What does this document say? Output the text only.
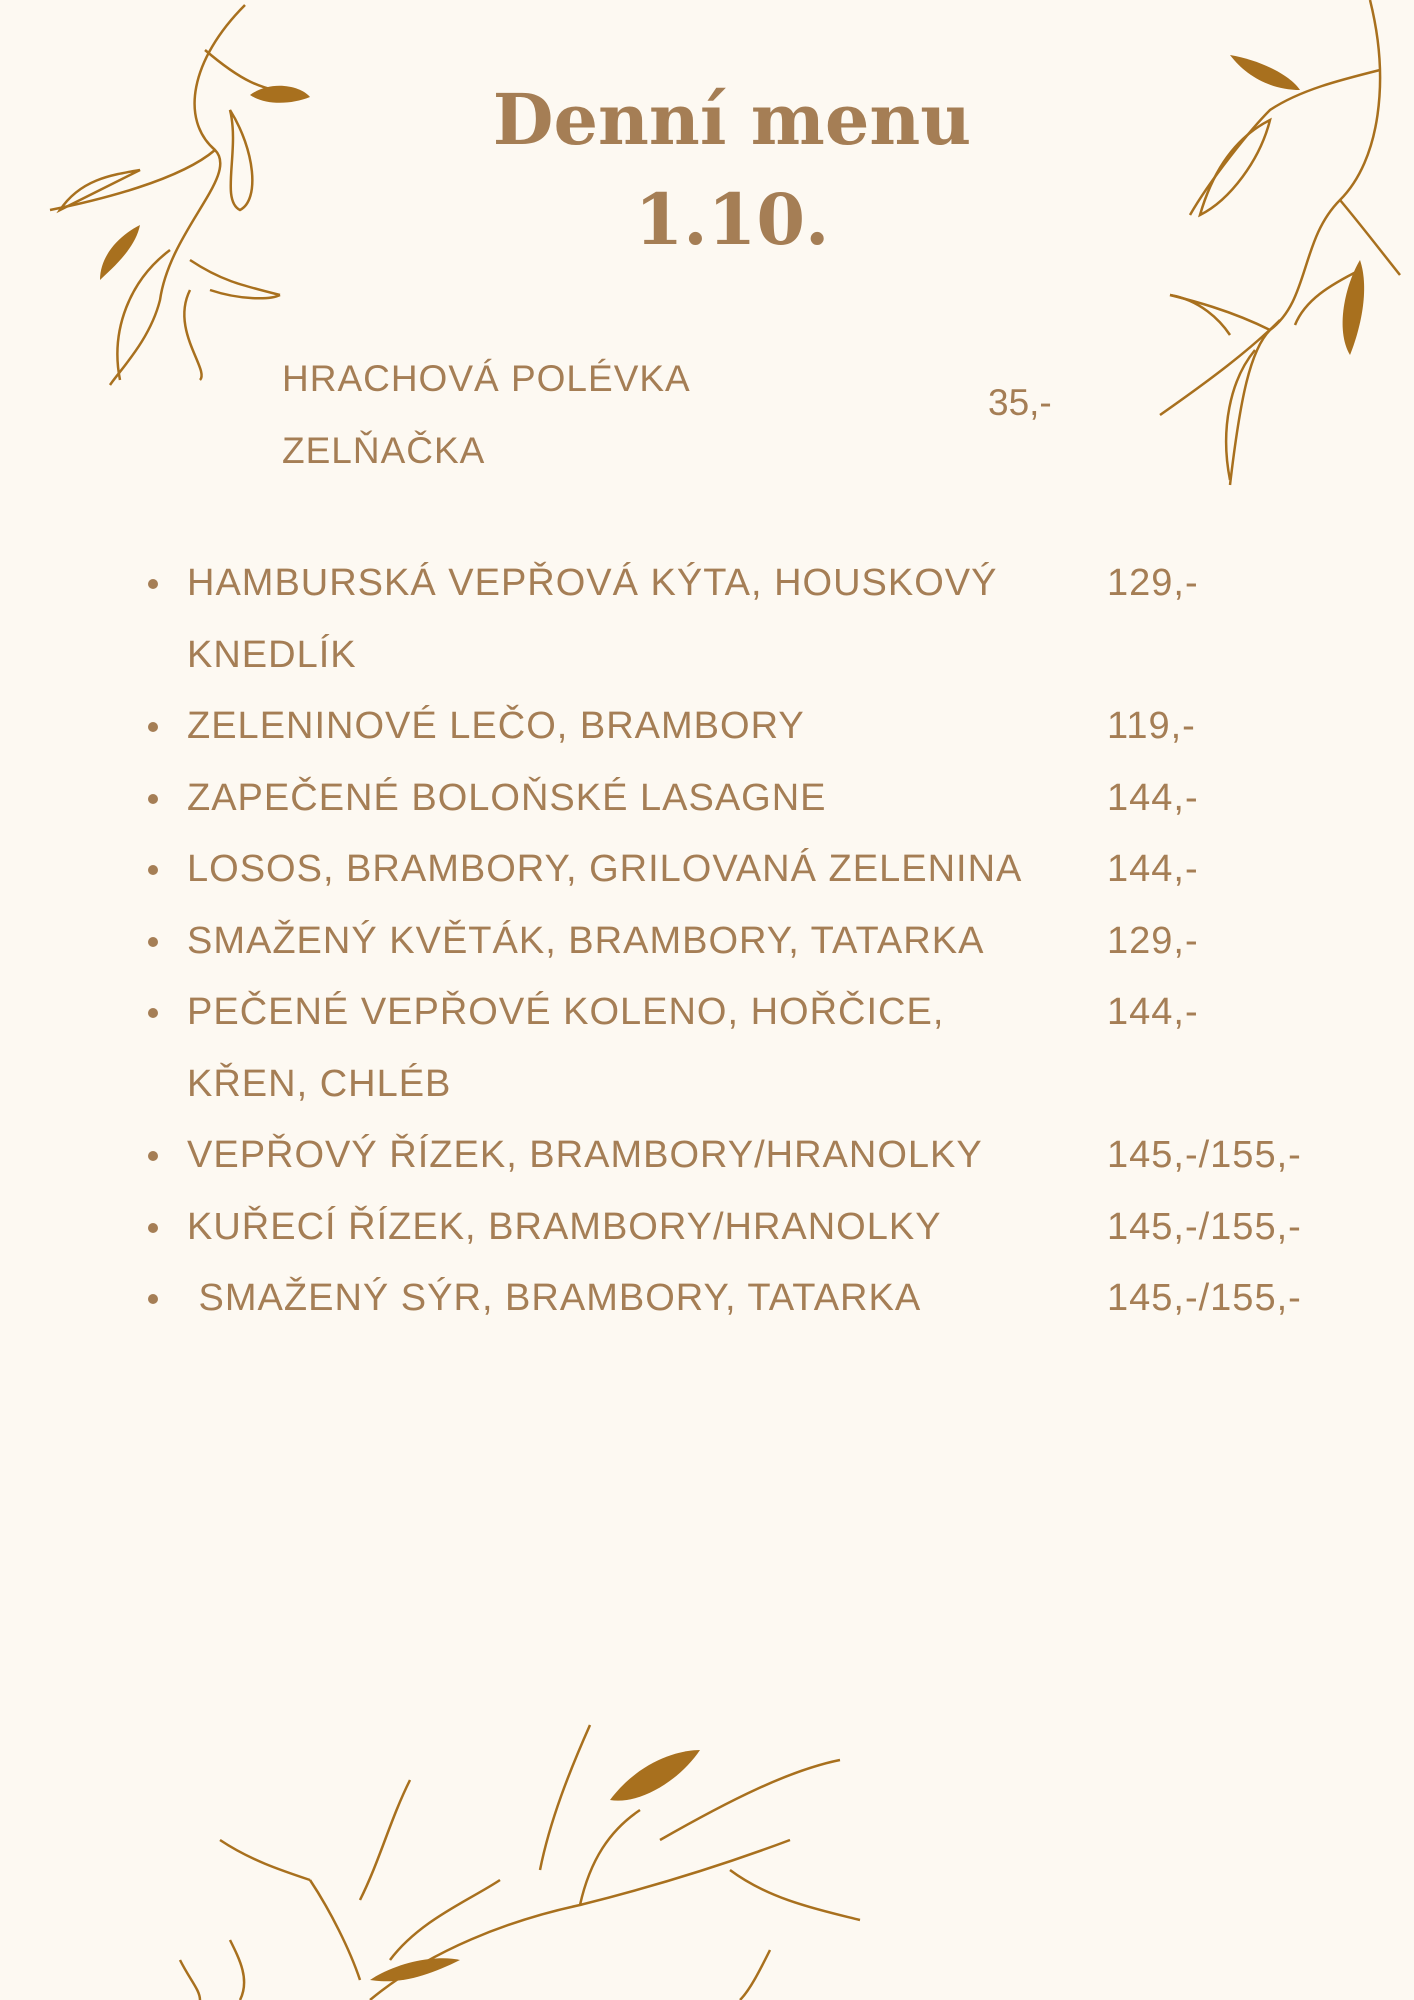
Denní menu
1.10.
HRACHOVÁ POLÉVKA
ZELŇAČKA
35,-
HAMBURSKÁ VEPŘOVÁ KÝTA, HOUSKOVÝ KNEDLÍK
129,-
ZELENINOVÉ LEČO, BRAMBORY	119,-
ZAPEČENÉ BOLOŇSKÉ LASAGNE	144,-
LOSOS, BRAMBORY, GRILOVANÁ ZELENINA	144,-
SMAŽENÝ KVĚTÁK, BRAMBORY, TATARKA	129,-
PEČENÉ VEPŘOVÉ KOLENO, HOŘČICE, KŘEN, CHLÉB
144,-
VEPŘOVÝ ŘÍZEK, BRAMBORY/HRANOLKY	145,-/155,-
KUŘECÍ ŘÍZEK, BRAMBORY/HRANOLKY	145,-/155,-
SMAŽENÝ SÝR, BRAMBORY, TATARKA	145,-/155,-
